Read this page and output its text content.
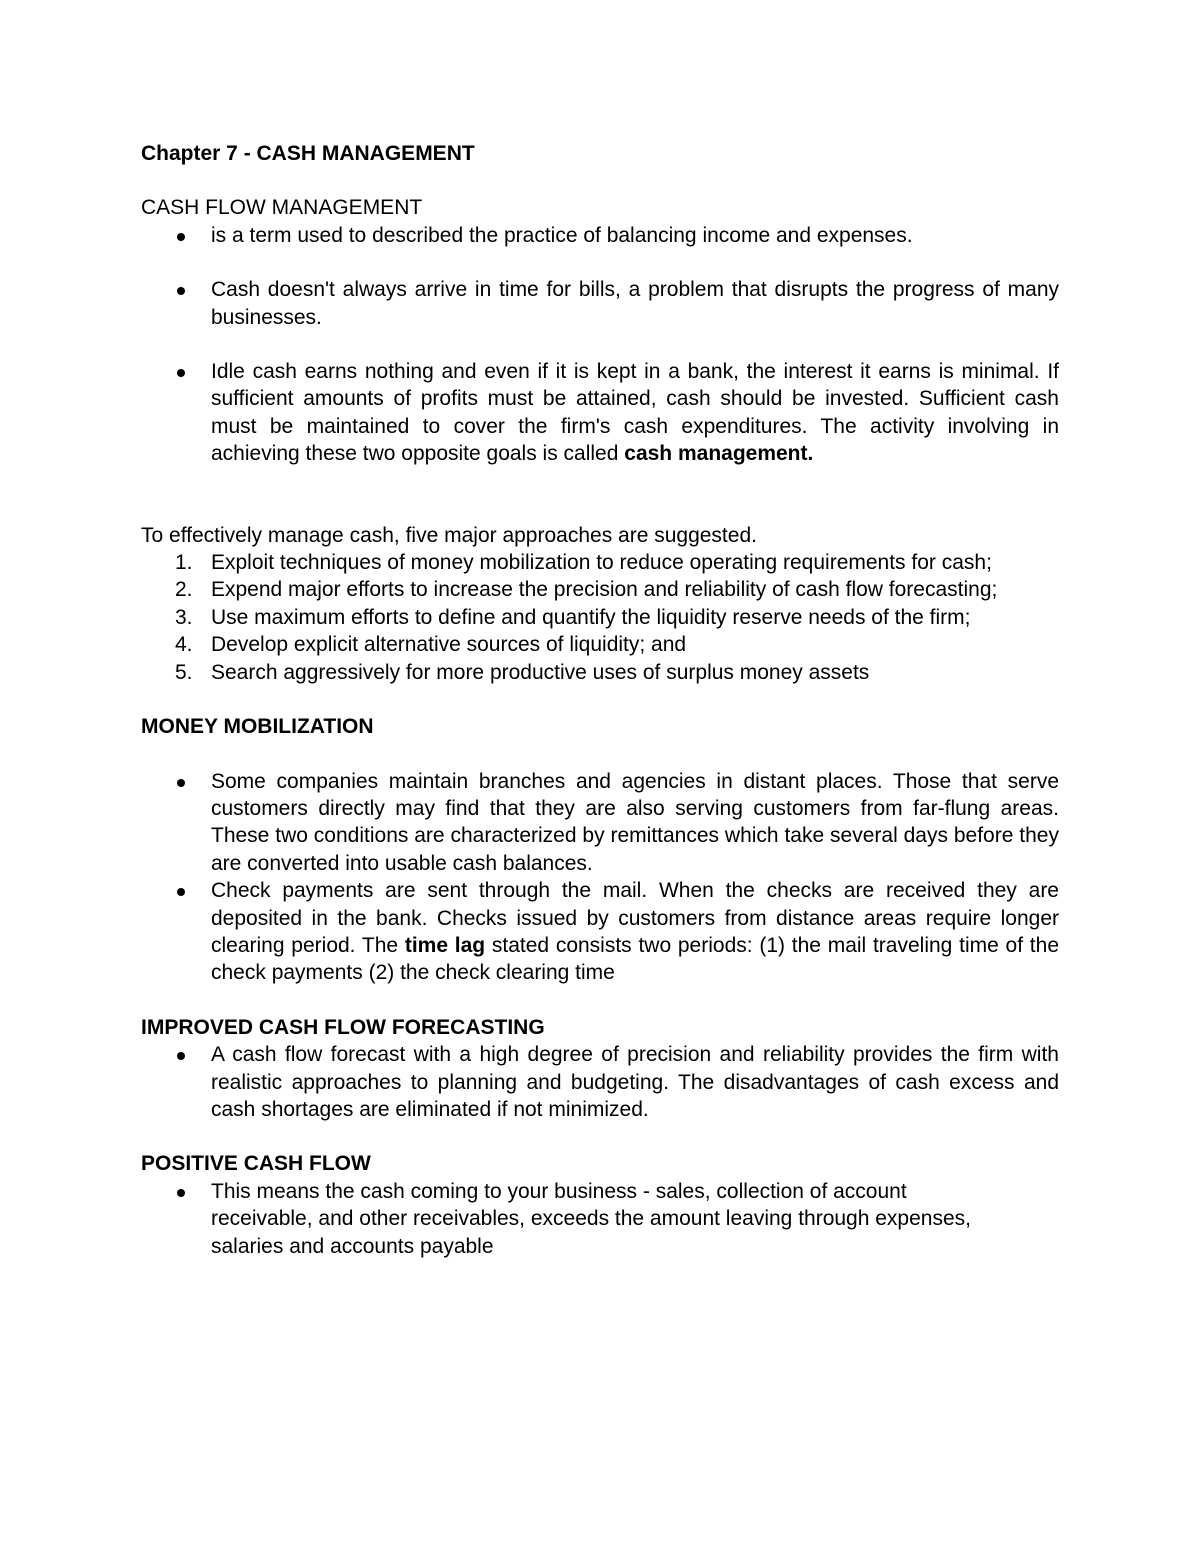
Chapter 7 - CASH MANAGEMENT

CASH FLOW MANAGEMENT

is a term used to described the practice of balancing income and expenses.
Cash doesn't always arrive in time for bills, a problem that disrupts the progress of many businesses.
Idle cash earns nothing and even if it is kept in a bank, the interest it earns is minimal. If sufficient amounts of profits must be attained, cash should be invested. Sufficient cash must be maintained to cover the firm's cash expenditures. The activity involving in achieving these two opposite goals is called cash management.

To effectively manage cash, five major approaches are suggested.

1. Exploit techniques of money mobilization to reduce operating requirements for cash;
2. Expend major efforts to increase the precision and reliability of cash flow forecasting;
3. Use maximum efforts to define and quantify the liquidity reserve needs of the firm;
4. Develop explicit alternative sources of liquidity; and
5. Search aggressively for more productive uses of surplus money assets

MONEY MOBILIZATION

Some companies maintain branches and agencies in distant places. Those that serve customers directly may find that they are also serving customers from far-flung areas. These two conditions are characterized by remittances which take several days before they are converted into usable cash balances.
Check payments are sent through the mail. When the checks are received they are deposited in the bank. Checks issued by customers from distance areas require longer clearing period. The time lag stated consists two periods: (1) the mail traveling time of the check payments (2) the check clearing time

IMPROVED CASH FLOW FORECASTING

A cash flow forecast with a high degree of precision and reliability provides the firm with realistic approaches to planning and budgeting. The disadvantages of cash excess and cash shortages are eliminated if not minimized.

POSITIVE CASH FLOW

This means the cash coming to your business - sales, collection of account receivable, and other receivables, exceeds the amount leaving through expenses, salaries and accounts payable
